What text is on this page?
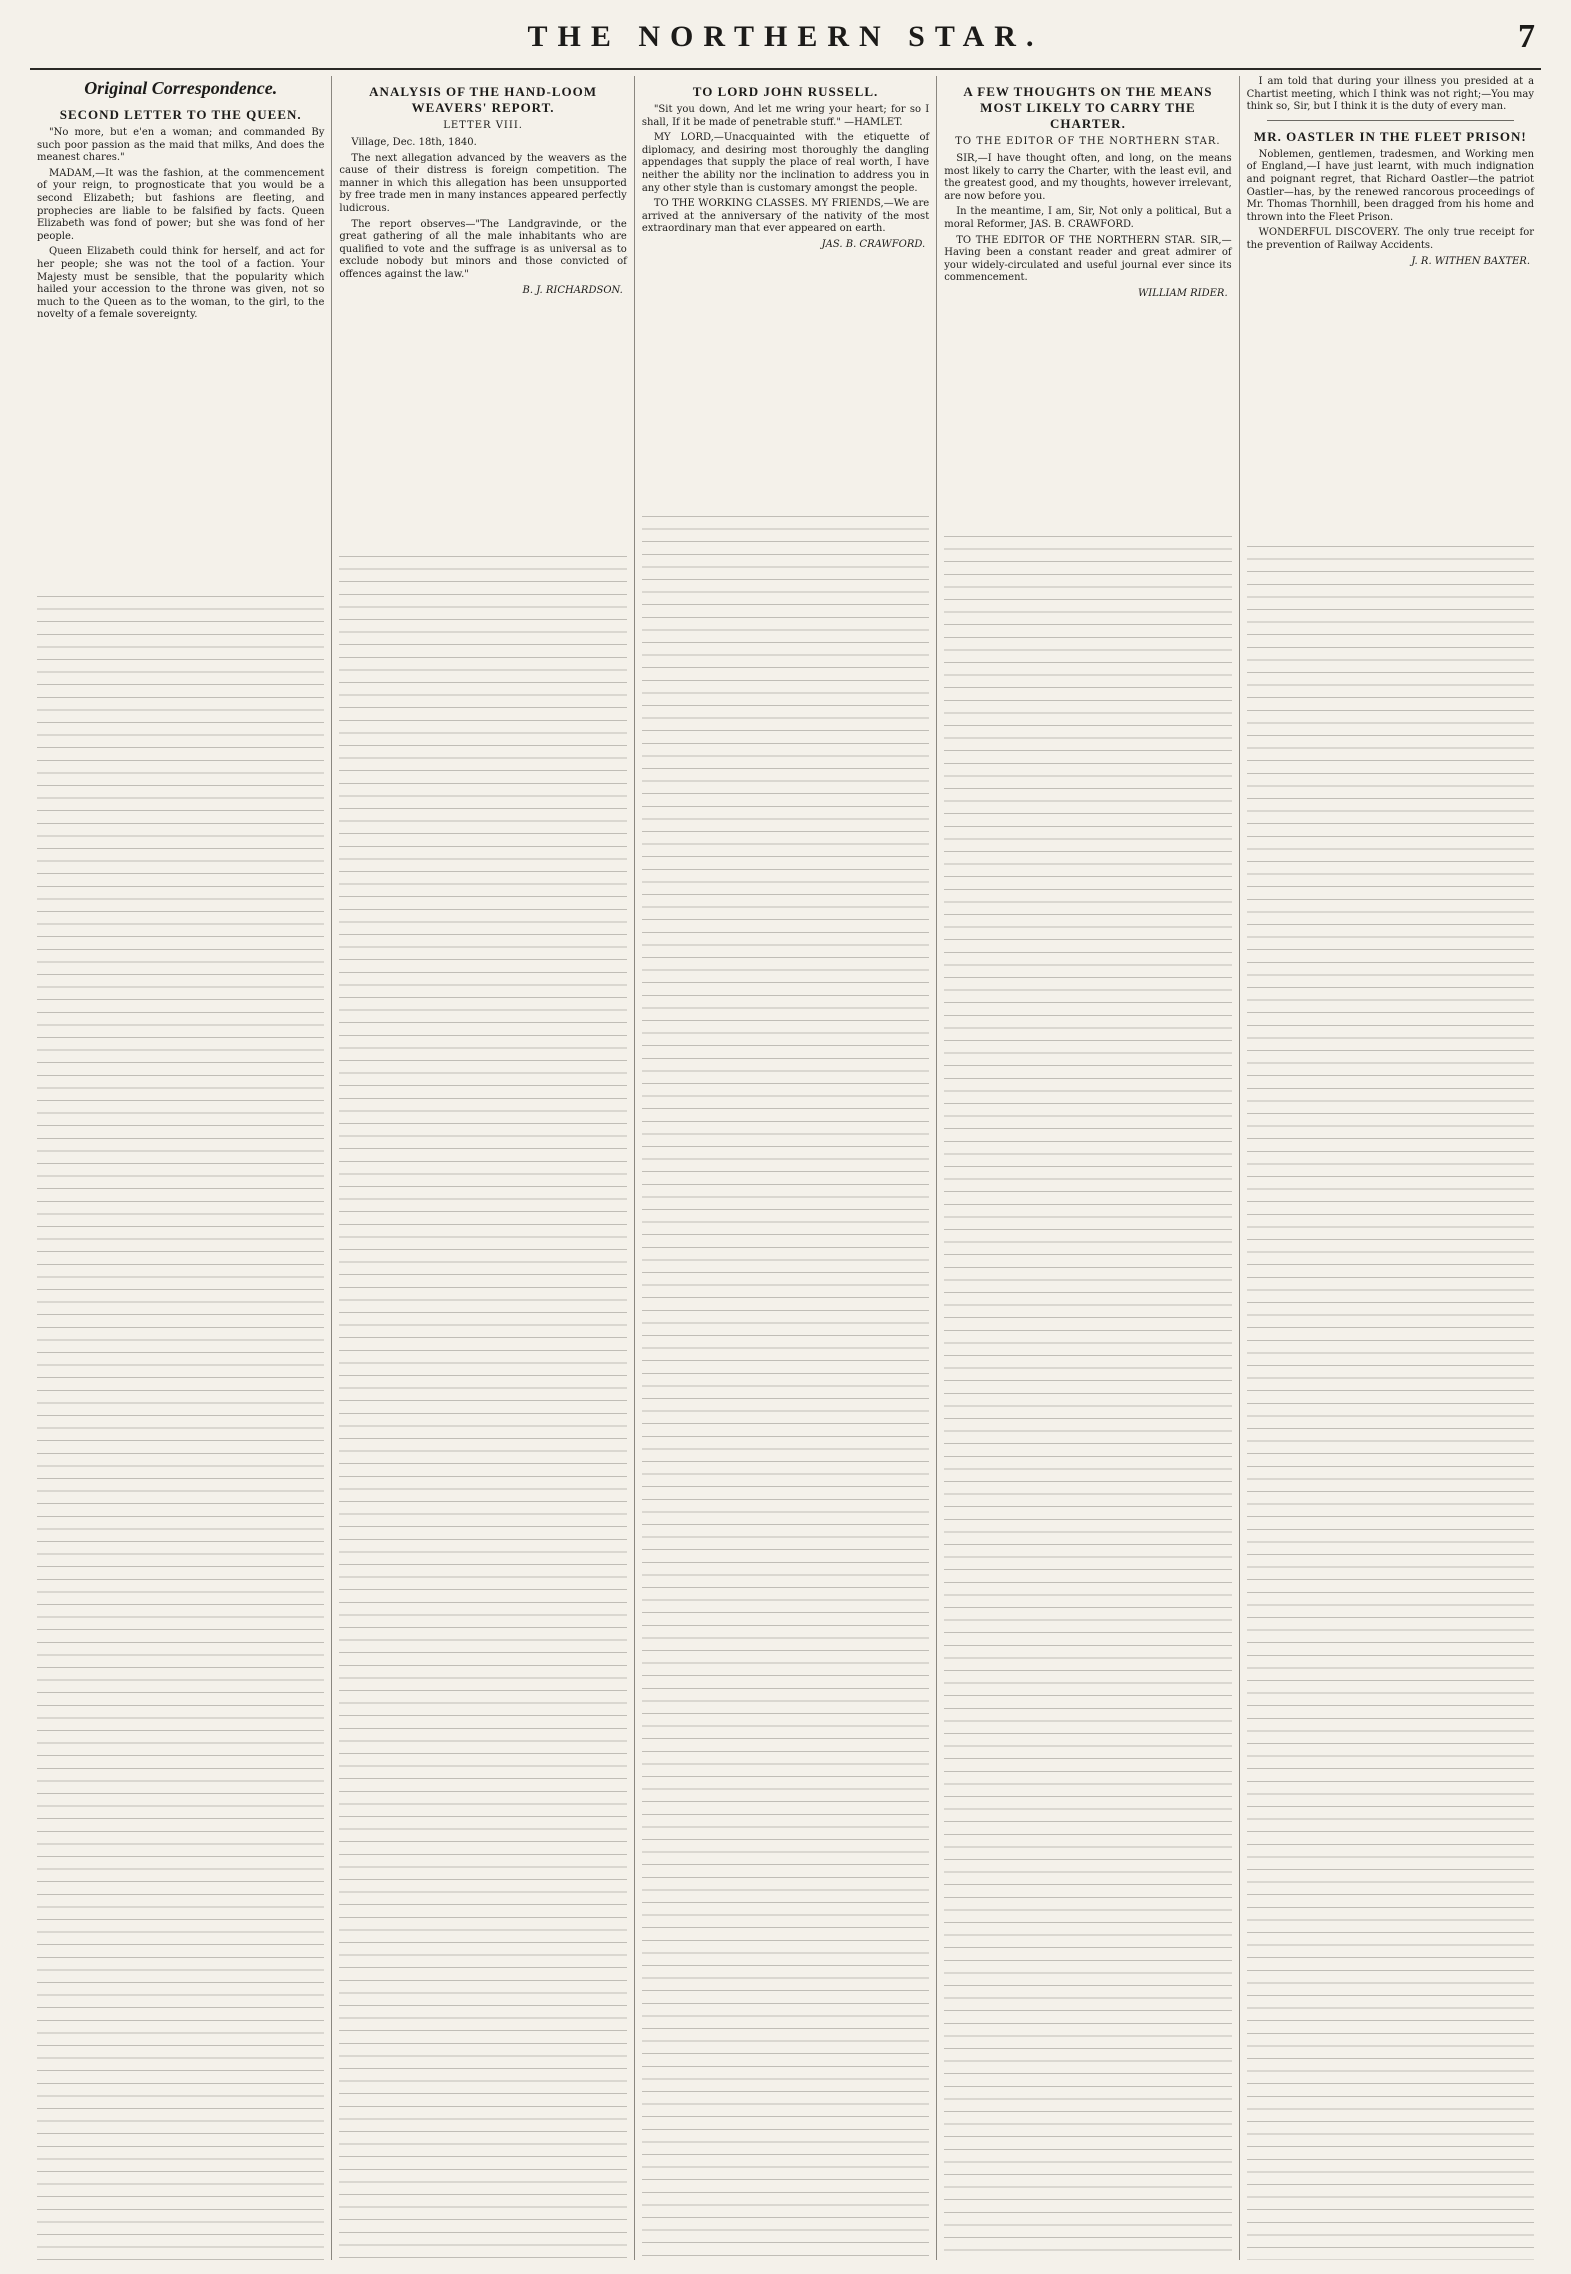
THE NORTHERN STAR.	7
Original Correspondence.
SECOND LETTER TO THE QUEEN.

"No more, but e'en a woman; and commanded By such poor passion as the maid that milks, And does the meanest chares."

MADAM,—It was the fashion, at the commencement of your reign, to prognosticate that you would be a second Elizabeth; but fashions are fleeting, and prophecies are liable to be falsified by facts. Queen Elizabeth was fond of power; but she was fond of her people.

Queen Elizabeth could think for herself, and act for her people; she was not the tool of a faction. Your Majesty must be sensible, that the popularity which hailed your accession to the throne was given, not so much to the Queen as to the woman, to the girl, to the novelty of a female sovereignty.

ANALYSIS OF THE HAND-LOOM WEAVERS' REPORT.
LETTER VIII.

Village, Dec. 18th, 1840.

The next allegation advanced by the weavers as the cause of their distress is foreign competition. The manner in which this allegation has been unsupported by free trade men in many instances appeared perfectly ludicrous.

The report observes—"The Landgravinde, or the great gathering of all the male inhabitants who are qualified to vote and the suffrage is as universal as to exclude nobody but minors and those convicted of offences against the law."

B. J. RICHARDSON.
TO LORD JOHN RUSSELL.

"Sit you down, And let me wring your heart; for so I shall, If it be made of penetrable stuff." —HAMLET.

MY LORD,—Unacquainted with the etiquette of diplomacy, and desiring most thoroughly the dangling appendages that supply the place of real worth, I have neither the ability nor the inclination to address you in any other style than is customary amongst the people.

TO THE WORKING CLASSES. MY FRIENDS,—We are arrived at the anniversary of the nativity of the most extraordinary man that ever appeared on earth.

JAS. B. CRAWFORD.
A FEW THOUGHTS ON THE MEANS MOST LIKELY TO CARRY THE CHARTER.
TO THE EDITOR OF THE NORTHERN STAR.

SIR,—I have thought often, and long, on the means most likely to carry the Charter, with the least evil, and the greatest good, and my thoughts, however irrelevant, are now before you.

In the meantime, I am, Sir, Not only a political, But a moral Reformer, JAS. B. CRAWFORD.

TO THE EDITOR OF THE NORTHERN STAR. SIR,—Having been a constant reader and great admirer of your widely-circulated and useful journal ever since its commencement.

WILLIAM RIDER.

I am told that during your illness you presided at a Chartist meeting, which I think was not right;—You may think so, Sir, but I think it is the duty of every man.

MR. OASTLER IN THE FLEET PRISON!

Noblemen, gentlemen, tradesmen, and Working men of England,—I have just learnt, with much indignation and poignant regret, that Richard Oastler—the patriot Oastler—has, by the renewed rancorous proceedings of Mr. Thomas Thornhill, been dragged from his home and thrown into the Fleet Prison.

WONDERFUL DISCOVERY. The only true receipt for the prevention of Railway Accidents.

J. R. WITHEN BAXTER.
